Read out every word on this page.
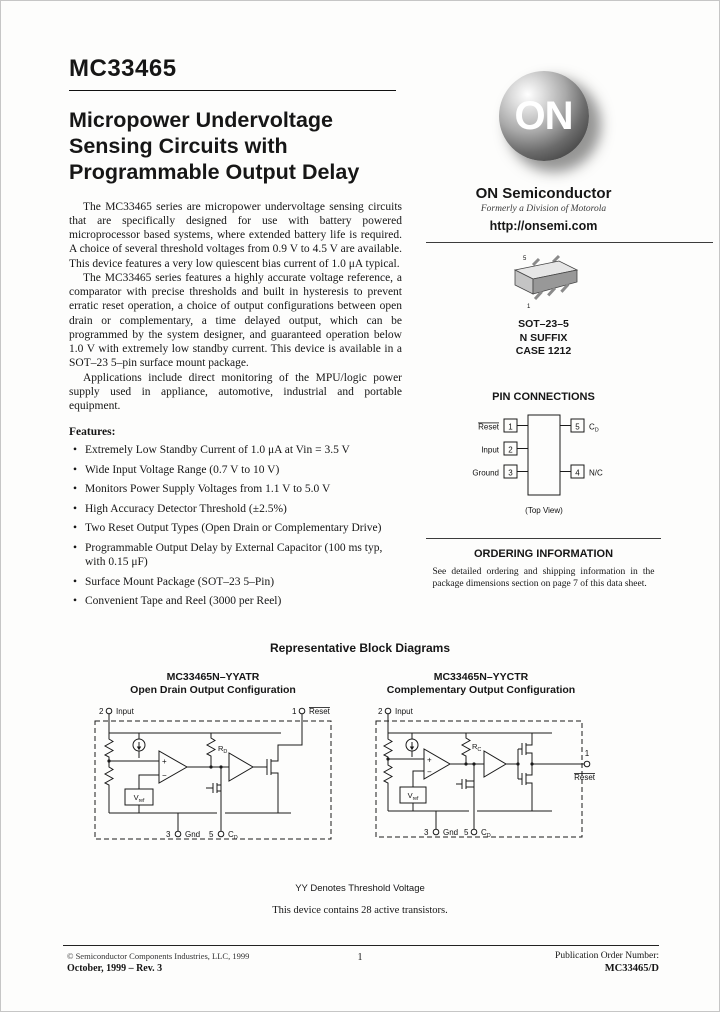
MC33465
Micropower Undervoltage
Sensing Circuits with
Programmable Output Delay

The MC33465 series are micropower undervoltage sensing circuits that are specifically designed for use with battery powered microprocessor based systems, where extended battery life is required. A choice of several threshold voltages from 0.9 V to 4.5 V are available. This device features a very low quiescent bias current of 1.0 μA typical.

The MC33465 series features a highly accurate voltage reference, a comparator with precise thresholds and built in hysteresis to prevent erratic reset operation, a choice of output configurations between open drain or complementary, a time delayed output, which can be programmed by the system designer, and guaranteed operation below 1.0 V with extremely low standby current. This device is available in a SOT–23 5–pin surface mount package.

Applications include direct monitoring of the MPU/logic power supply used in appliance, automotive, industrial and portable equipment.

Features:
• Extremely Low Standby Current of 1.0 μA at Vin = 3.5 V
• Wide Input Voltage Range (0.7 V to 10 V)
• Monitors Power Supply Voltages from 1.1 V to 5.0 V
• High Accuracy Detector Threshold (±2.5%)
• Two Reset Output Types (Open Drain or Complementary Drive)
• Programmable Output Delay by External Capacitor (100 ms typ, with 0.15 μF)
• Surface Mount Package (SOT–23 5–Pin)
• Convenient Tape and Reel (3000 per Reel)
ON
ON Semiconductor
Formerly a Division of Motorola
http://onsemi.com
5
1
SOT–23–5
N SUFFIX
CASE 1212
PIN CONNECTIONS
1
2
3
Reset
Input
Ground
5
4
$C_D$
N/C
(Top View)
ORDERING INFORMATION
See detailed ordering and shipping information in the package dimensions section on page 7 of this data sheet.
Representative Block Diagrams
MC33465N–YYATR
Open Drain Output Configuration
2 Input	1 Reset
+
−
$V_{ref}$
$R_D$
3 Gnd 5 $C_D$
MC33465N–YYCTR
Complementary Output Configuration
2 Input
+
−
$V_{ref}$
$R_C$	1
Reset
3 Gnd 5 $C_D$
YY Denotes Threshold Voltage
This device contains 28 active transistors.
© Semiconductor Components Industries, LLC, 1999
October, 1999 – Rev. 3
1	Publication Order Number:
MC33465/D
